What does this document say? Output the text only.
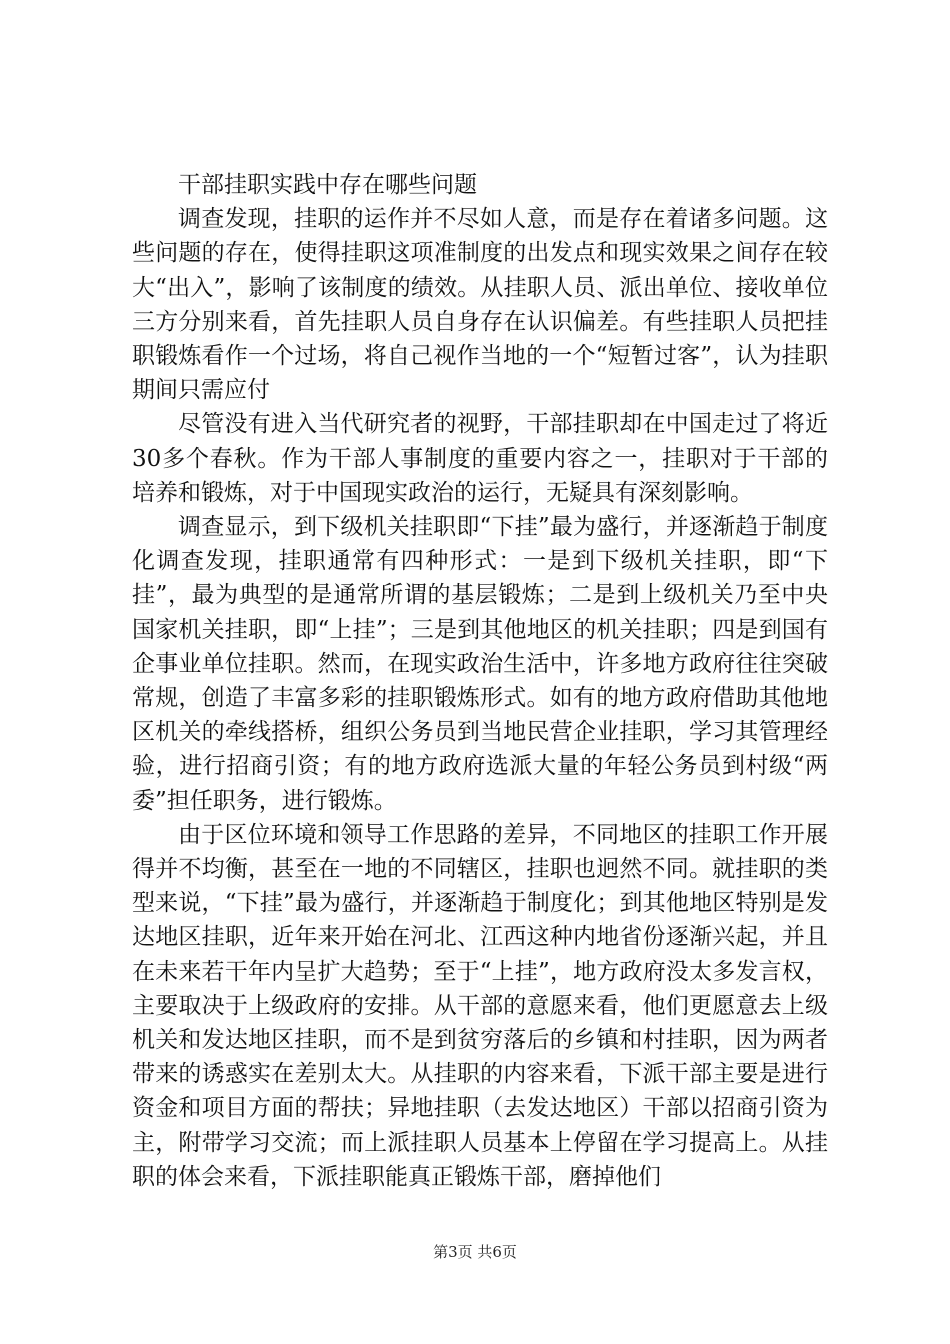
干部挂职实践中存在哪些问题

调查发现，挂职的运作并不尽如人意，而是存在着诸多问题。这些问题的存在，使得挂职这项准制度的出发点和现实效果之间存在较大“出入”，影响了该制度的绩效。从挂职人员、派出单位、接收单位三方分别来看，首先挂职人员自身存在认识偏差。有些挂职人员把挂职锻炼看作一个过场，将自己视作当地的一个“短暂过客”，认为挂职期间只需应付

尽管没有进入当代研究者的视野，干部挂职却在中国走过了将近30多个春秋。作为干部人事制度的重要内容之一，挂职对于干部的培养和锻炼，对于中国现实政治的运行，无疑具有深刻影响。

调查显示，到下级机关挂职即“下挂”最为盛行，并逐渐趋于制度化调查发现，挂职通常有四种形式：一是到下级机关挂职，即“下挂”，最为典型的是通常所谓的基层锻炼；二是到上级机关乃至中央国家机关挂职，即“上挂”；三是到其他地区的机关挂职；四是到国有企事业单位挂职。然而，在现实政治生活中，许多地方政府往往突破常规，创造了丰富多彩的挂职锻炼形式。如有的地方政府借助其他地区机关的牵线搭桥，组织公务员到当地民营企业挂职，学习其管理经验，进行招商引资；有的地方政府选派大量的年轻公务员到村级“两委”担任职务，进行锻炼。

由于区位环境和领导工作思路的差异，不同地区的挂职工作开展得并不均衡，甚至在一地的不同辖区，挂职也迥然不同。就挂职的类型来说，“下挂”最为盛行，并逐渐趋于制度化；到其他地区特别是发达地区挂职，近年来开始在河北、江西这种内地省份逐渐兴起，并且在未来若干年内呈扩大趋势；至于“上挂”，地方政府没太多发言权，主要取决于上级政府的安排。从干部的意愿来看，他们更愿意去上级机关和发达地区挂职，而不是到贫穷落后的乡镇和村挂职，因为两者带来的诱惑实在差别太大。从挂职的内容来看，下派干部主要是进行资金和项目方面的帮扶；异地挂职（去发达地区）干部以招商引资为主，附带学习交流；而上派挂职人员基本上停留在学习提高上。从挂职的体会来看，下派挂职能真正锻炼干部，磨掉他们

第3页 共6页
